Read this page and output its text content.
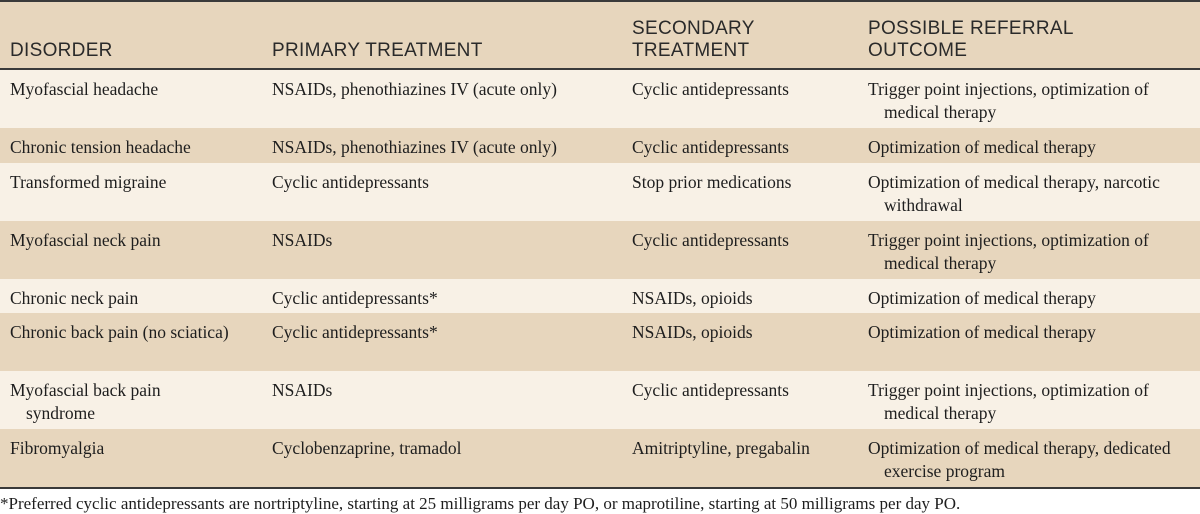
DISORDER	PRIMARY TREATMENT	SECONDARY TREATMENT	POSSIBLE REFERRAL OUTCOME

Myofascial headache	NSAIDs, phenothiazines IV (acute only)	Cyclic antidepressants	Trigger point injections, optimization of medical therapy

Chronic tension headache	NSAIDs, phenothiazines IV (acute only)	Cyclic antidepressants	Optimization of medical therapy

Transformed migraine	Cyclic antidepressants	Stop prior medications	Optimization of medical therapy, narcotic withdrawal

Myofascial neck pain	NSAIDs	Cyclic antidepressants	Trigger point injections, optimization of medical therapy

Chronic neck pain	Cyclic antidepressants*	NSAIDs, opioids	Optimization of medical therapy

Chronic back pain (no sciatica)	Cyclic antidepressants*	NSAIDs, opioids	Optimization of medical therapy

Myofascial back pain syndrome	NSAIDs	Cyclic antidepressants	Trigger point injections, optimization of medical therapy

Fibromyalgia	Cyclobenzaprine, tramadol	Amitriptyline, pregabalin	Optimization of medical therapy, dedicated exercise program
*Preferred cyclic antidepressants are nortriptyline, starting at 25 milligrams per day PO, or maprotiline, starting at 50 milligrams per day PO.
